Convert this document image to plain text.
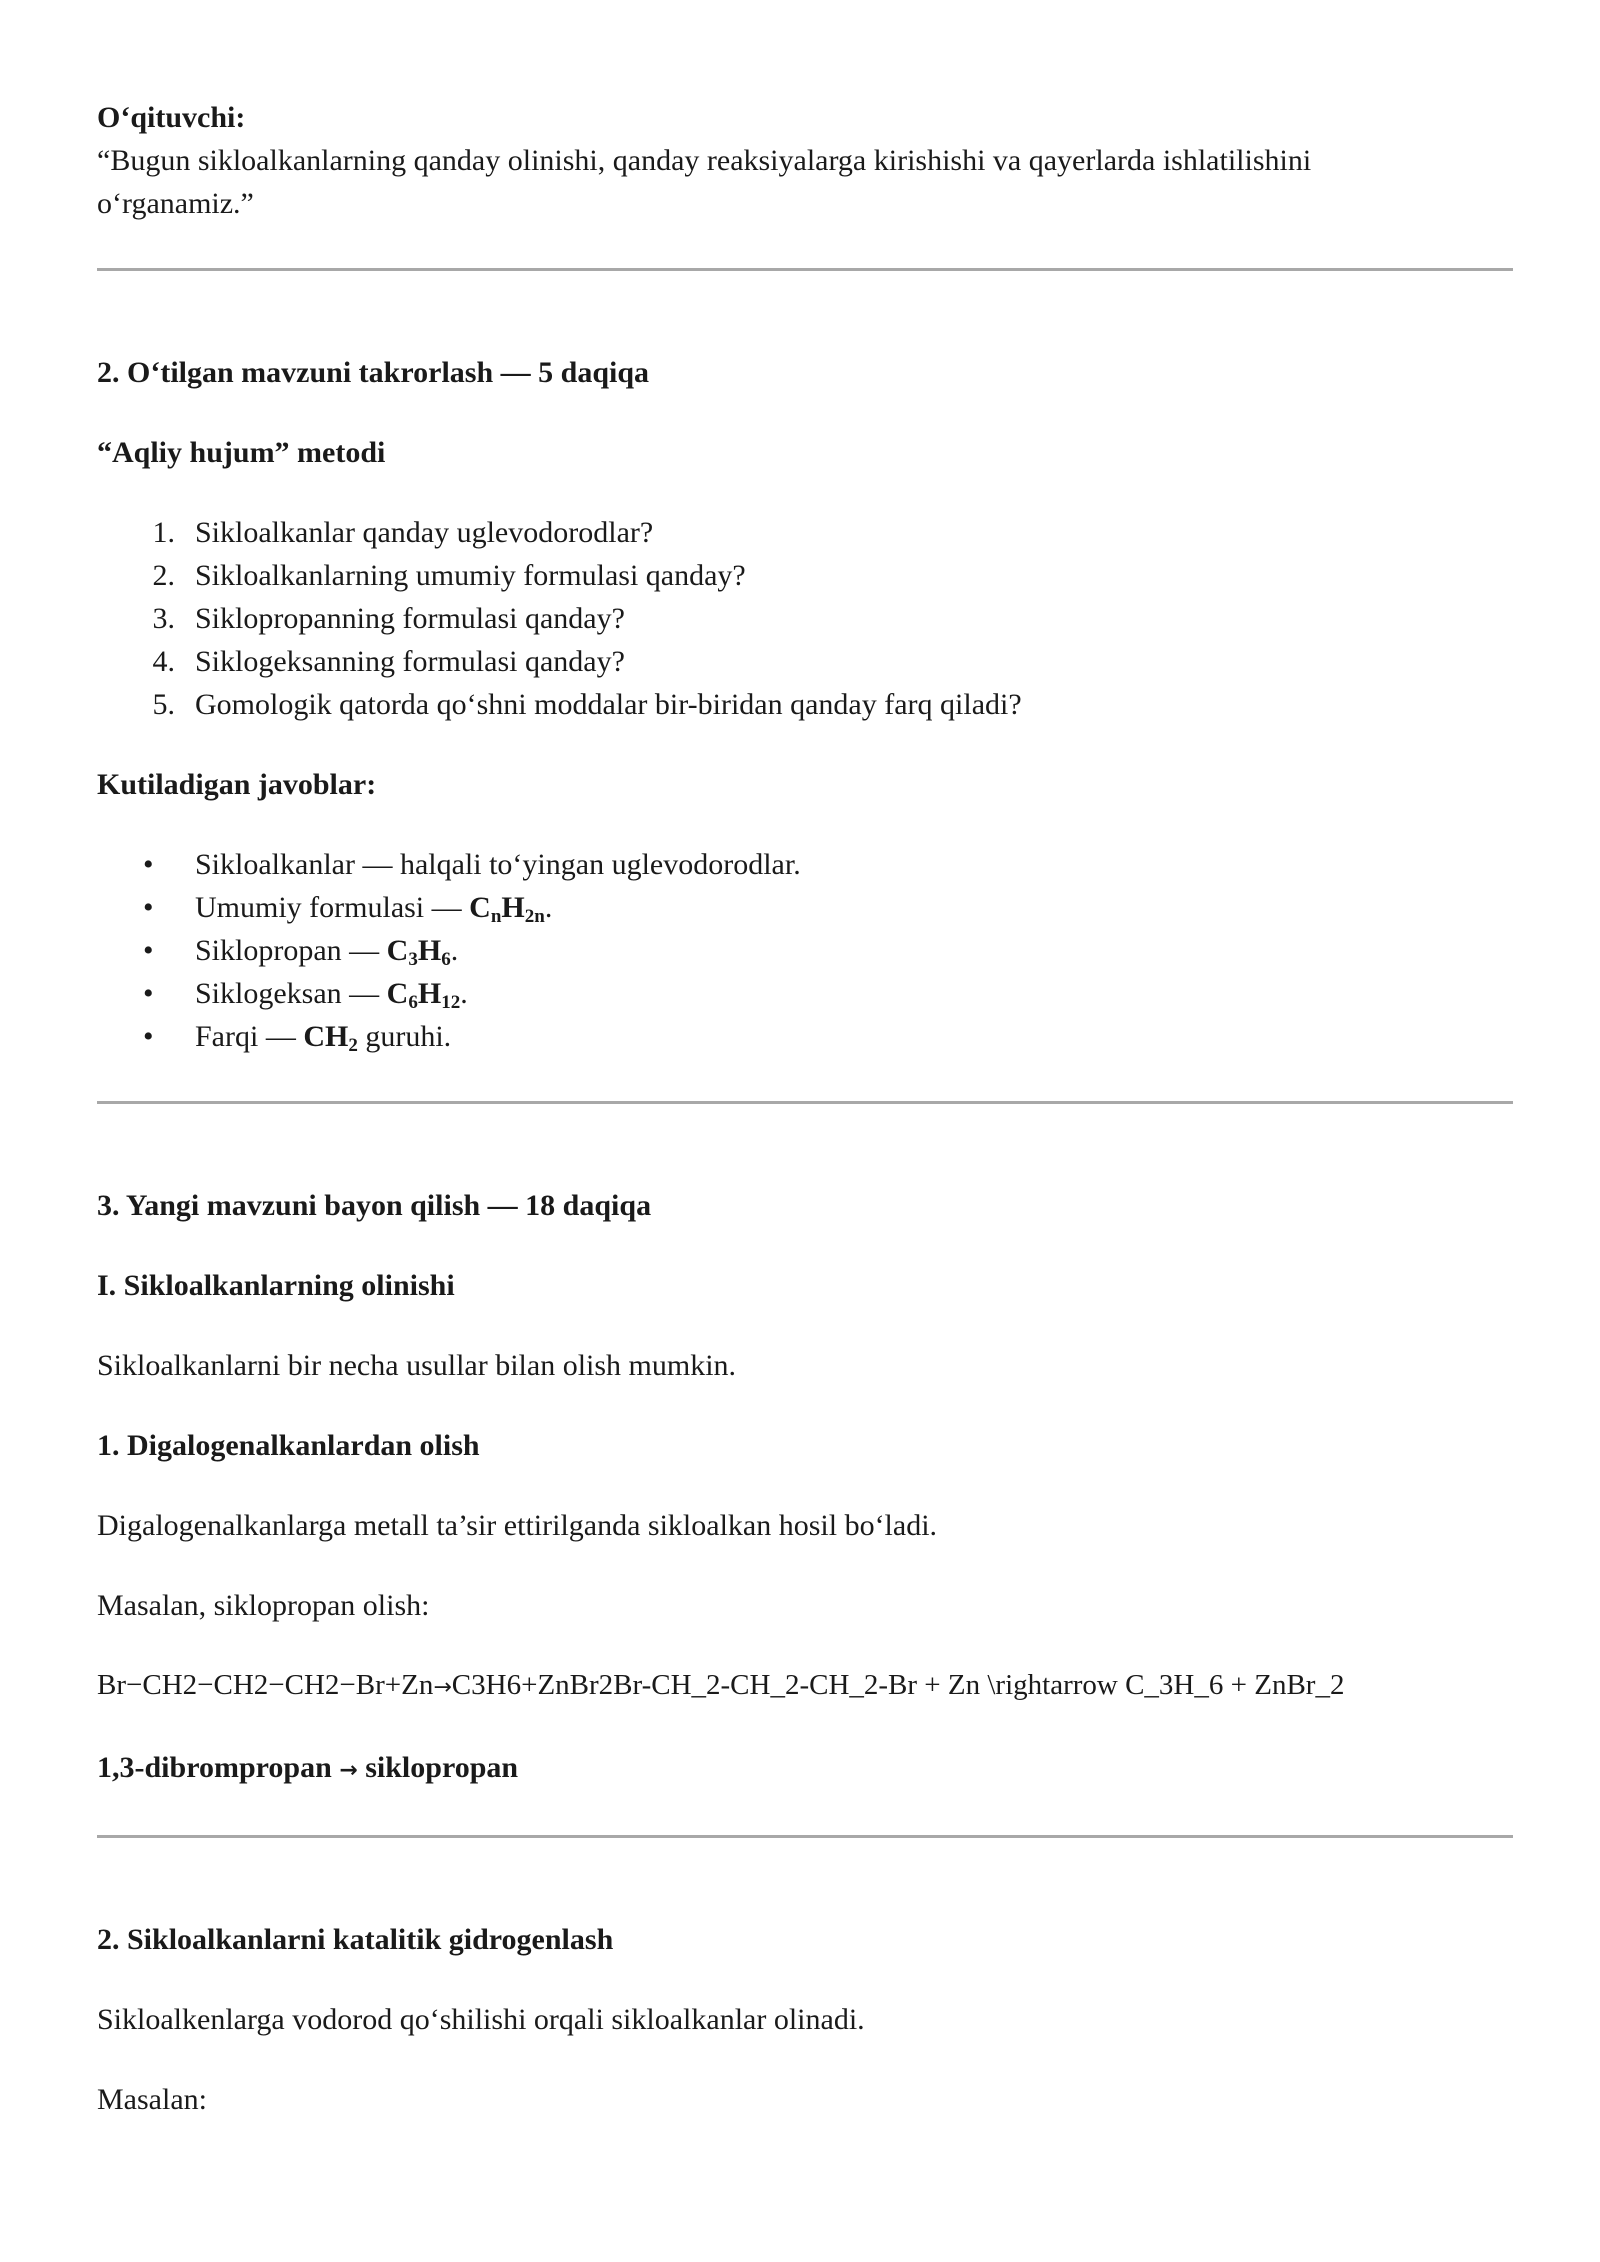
O‘qituvchi:

“Bugun sikloalkanlarning qanday olinishi, qanday reaksiyalarga kirishishi va qayerlarda ishlatilishini o‘rganamiz.”

2. O‘tilgan mavzuni takrorlash — 5 daqiqa

“Aqliy hujum” metodi

1. Sikloalkanlar qanday uglevodorodlar?
2. Sikloalkanlarning umumiy formulasi qanday?
3. Siklopropanning formulasi qanday?
4. Siklogeksanning formulasi qanday?
5. Gomologik qatorda qo‘shni moddalar bir-biridan qanday farq qiladi?

Kutiladigan javoblar:

• Sikloalkanlar — halqali to‘yingan uglevodorodlar.
• Umumiy formulasi — $C_nH_{2n}$.
• Siklopropan — $C_3H_6$.
• Siklogeksan — $C_6H_{12}$.
• Farqi — $CH_2$ guruhi.

3. Yangi mavzuni bayon qilish — 18 daqiqa

I. Sikloalkanlarning olinishi

Sikloalkanlarni bir necha usullar bilan olish mumkin.

1. Digalogenalkanlardan olish

Digalogenalkanlarga metall ta’sir ettirilganda sikloalkan hosil bo‘ladi.

Masalan, siklopropan olish:

Br−CH2−CH2−CH2−Br+Zn→C3H6+ZnBr2Br-CH_2-CH_2-CH_2-Br + Zn \rightarrow C_3H_6 + ZnBr_2

1,3-dibrompropan → siklopropan

2. Sikloalkanlarni katalitik gidrogenlash

Sikloalkenlarga vodorod qo‘shilishi orqali sikloalkanlar olinadi.

Masalan:
